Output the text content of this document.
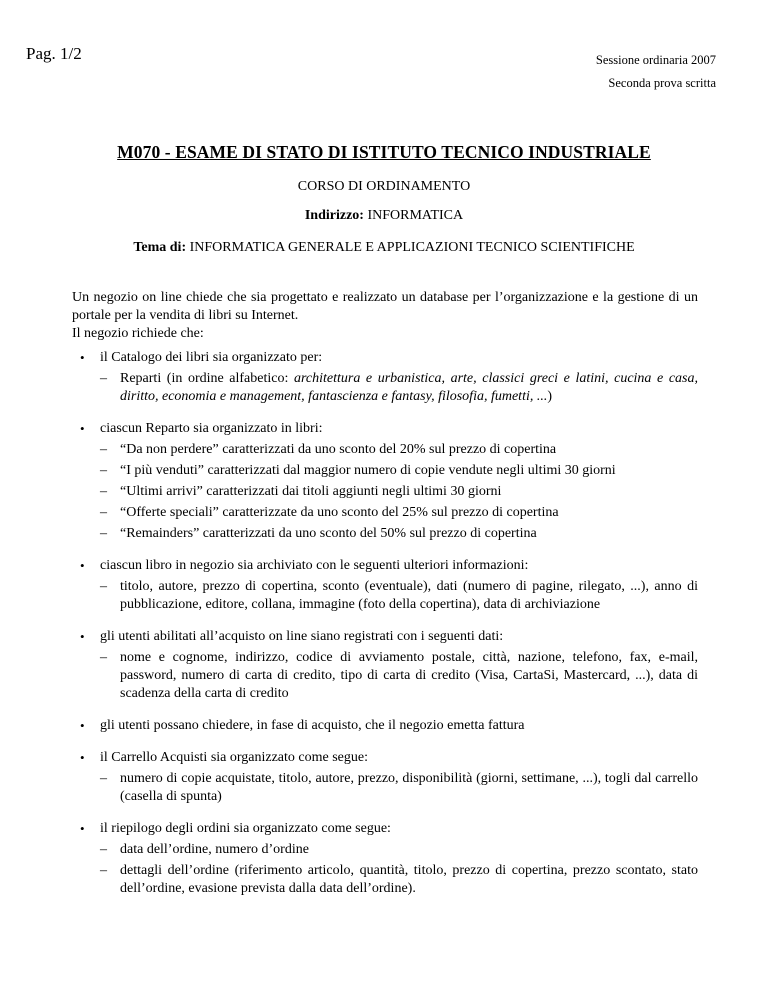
Pag. 1/2	Sessione ordinaria 2007
Seconda prova scritta
M070 - ESAME DI STATO DI ISTITUTO TECNICO INDUSTRIALE
CORSO DI ORDINAMENTO
Indirizzo: INFORMATICA
Tema di: INFORMATICA GENERALE E APPLICAZIONI TECNICO SCIENTIFICHE

Un negozio on line chiede che sia progettato e realizzato un database per l’organizzazione e la gestione di un portale per la vendita di libri su Internet.

Il negozio richiede che:

• il Catalogo dei libri sia organizzato per:
– Reparti (in ordine alfabetico: architettura e urbanistica, arte, classici greci e latini, cucina e casa, diritto, economia e management, fantascienza e fantasy, filosofia, fumetti, ...)
• ciascun Reparto sia organizzato in libri:
– “Da non perdere” caratterizzati da uno sconto del 20% sul prezzo di copertina
– “I più venduti” caratterizzati dal maggior numero di copie vendute negli ultimi 30 giorni
– “Ultimi arrivi” caratterizzati dai titoli aggiunti negli ultimi 30 giorni
– “Offerte speciali” caratterizzate da uno sconto del 25% sul prezzo di copertina
– “Remainders” caratterizzati da uno sconto del 50% sul prezzo di copertina
• ciascun libro in negozio sia archiviato con le seguenti ulteriori informazioni:
– titolo, autore, prezzo di copertina, sconto (eventuale), dati (numero di pagine, rilegato, ...), anno di pubblicazione, editore, collana, immagine (foto della copertina), data di archiviazione
• gli utenti abilitati all’acquisto on line siano registrati con i seguenti dati:
– nome e cognome, indirizzo, codice di avviamento postale, città, nazione, telefono, fax, e-mail, password, numero di carta di credito, tipo di carta di credito (Visa, CartaSi, Mastercard, ...), data di scadenza della carta di credito
• gli utenti possano chiedere, in fase di acquisto, che il negozio emetta fattura
• il Carrello Acquisti sia organizzato come segue:
– numero di copie acquistate, titolo, autore, prezzo, disponibilità (giorni, settimane, ...), togli dal carrello (casella di spunta)
• il riepilogo degli ordini sia organizzato come segue:
– data dell’ordine, numero d’ordine
– dettagli dell’ordine (riferimento articolo, quantità, titolo, prezzo di copertina, prezzo scontato, stato dell’ordine, evasione prevista dalla data dell’ordine).
